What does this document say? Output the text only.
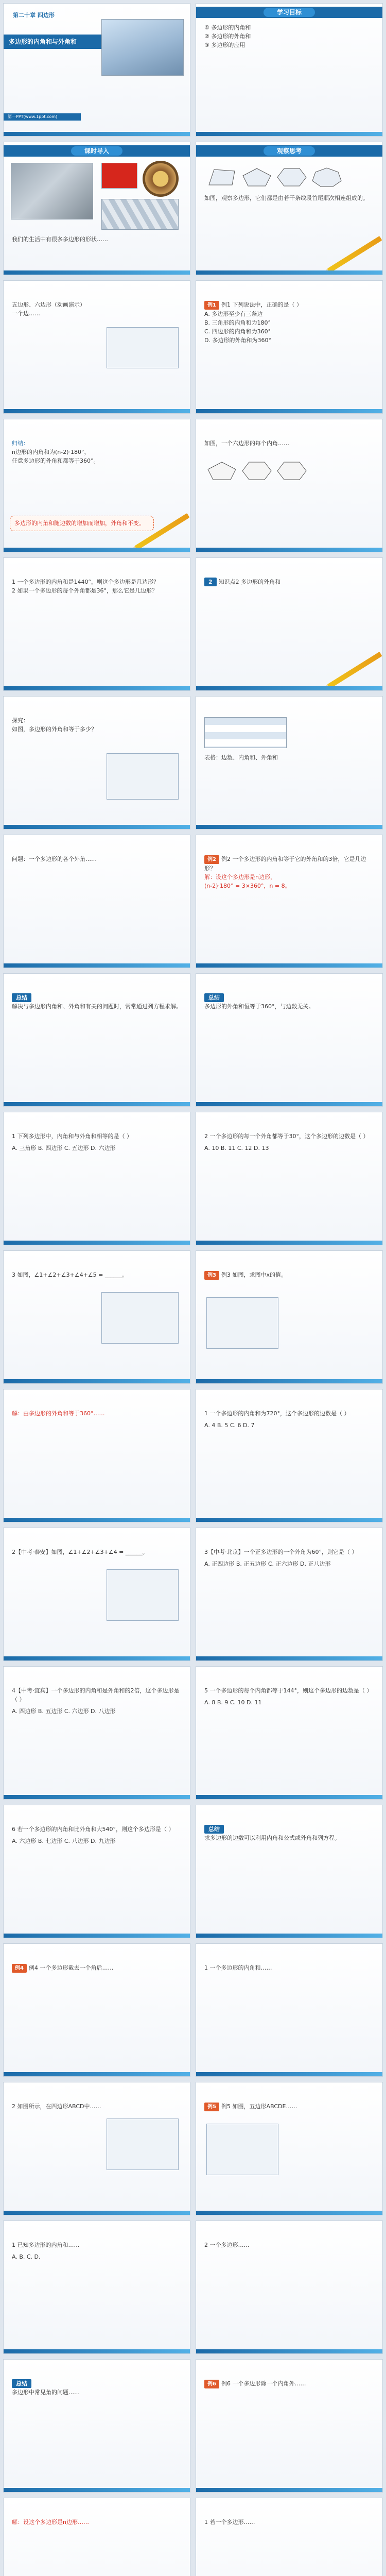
第二十章 四边形
多边形的内角和与外角和
第一PPT(www.1ppt.com)
学习目标
① 多边形的内角和
② 多边形的外角和
③ 多边形的应用
课时导入
我们的生活中有很多多边形的形状……
观察思考
如图，观察多边形，它们都是由若干条线段首尾顺次相连组成的。
五边形、六边形（动画演示）
一个边……
例1 例1 下列说法中，正确的是（ ）
A. 多边形至少有三条边
B. 三角形的内角和为180°
C. 四边形的内角和为360°
D. 多边形的外角和为360°
归纳：
n边形的内角和为(n-2)·180°，
任意多边形的外角和都等于360°。
多边形的内角和随边数的增加而增加，外角和不变。
如图，一个六边形的每个内角……
1 一个多边形的内角和是1440°，则这个多边形是几边形？
2 如果一个多边形的每个外角都是36°，那么它是几边形？
2 知识点2 多边形的外角和
探究：
如图，多边形的外角和等于多少？
表格：边数、内角和、外角和
问题：一个多边形的各个外角……	例2 例2 一个多边形的内角和等于它的外角和的3倍，它是几边形？
解：设这个多边形是n边形，
(n-2)·180° = 3×360°，n = 8。
总结
解决与多边形内角和、外角和有关的问题时，常常通过列方程求解。
总结
多边形的外角和恒等于360°，与边数无关。
1 下列多边形中，内角和与外角和相等的是（ ）
A. 三角形 B. 四边形 C. 五边形 D. 六边形
2 一个多边形的每一个外角都等于30°，这个多边形的边数是（ ）
A. 10 B. 11 C. 12 D. 13
3 如图，∠1+∠2+∠3+∠4+∠5 = ______。	例3 例3 如图，求图中x的值。
解：由多边形的外角和等于360°……	1 一个多边形的内角和为720°，这个多边形的边数是（ ）
A. 4 B. 5 C. 6 D. 7
2【中考·泰安】如图，∠1+∠2+∠3+∠4 = ______。	3【中考·北京】一个正多边形的一个外角为60°，则它是（ ）
A. 正四边形 B. 正五边形 C. 正六边形 D. 正八边形
4【中考·宜宾】一个多边形的内角和是外角和的2倍，这个多边形是（ ）
A. 四边形 B. 五边形 C. 六边形 D. 八边形
5 一个多边形的每个内角都等于144°，则这个多边形的边数是（ ）
A. 8 B. 9 C. 10 D. 11
6 若一个多边形的内角和比外角和大540°，则这个多边形是（ ）
A. 六边形 B. 七边形 C. 八边形 D. 九边形
总结
求多边形的边数可以利用内角和公式或外角和列方程。
例4 例4 一个多边形截去一个角后……	1 一个多边形的内角和……
2 如图所示，在四边形ABCD中……	例5 例5 如图，五边形ABCDE……
1 已知多边形的内角和……
A. B. C. D.
2 一个多边形……
总结
多边形中常见角的问题……
例6 例6 一个多边形除一个内角外……
解：设这个多边形是n边形……	1 若一个多边形……
